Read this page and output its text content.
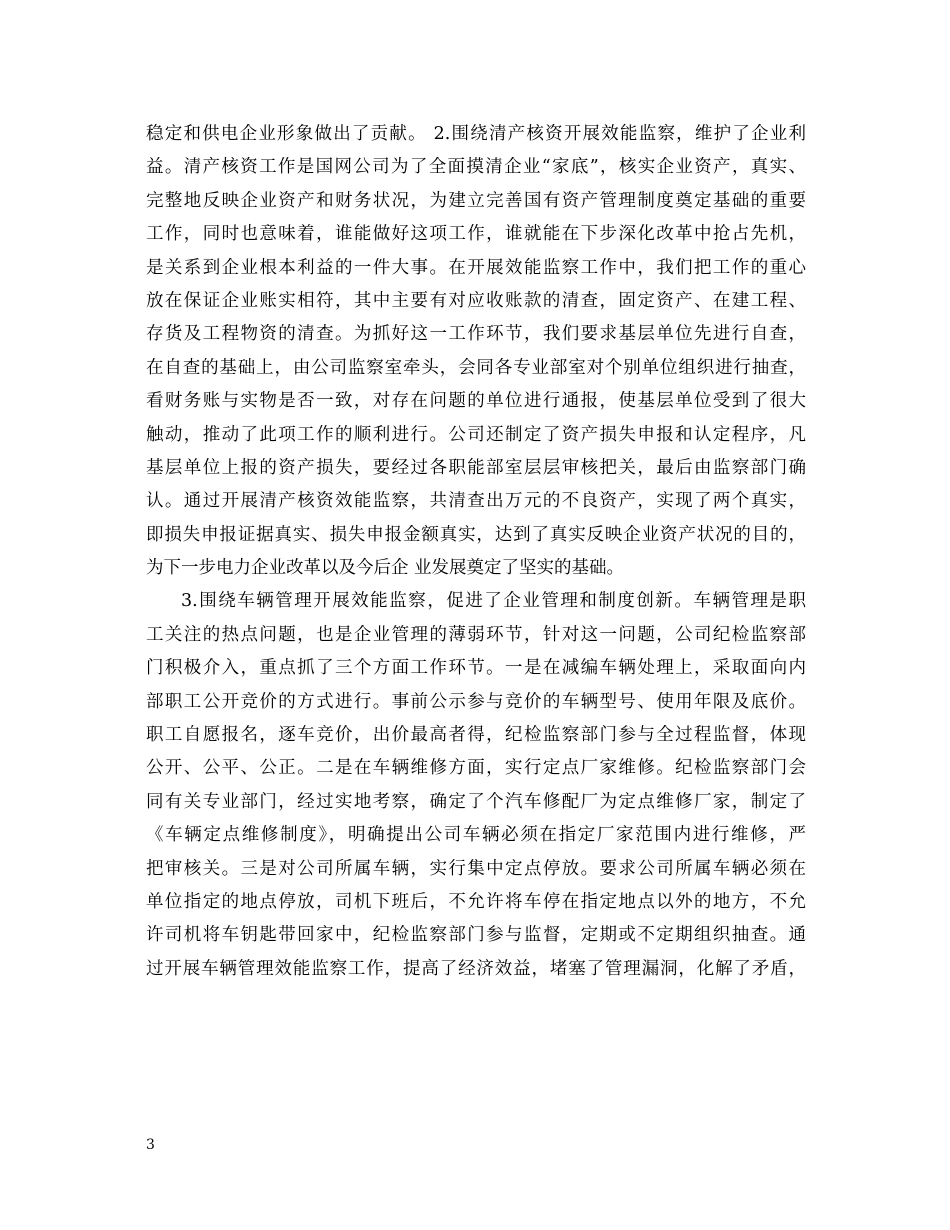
稳定和供电企业形象做出了贡献。 2.围绕清产核资开展效能监察，维护了企业利
益。清产核资工作是国网公司为了全面摸清企业“家底”，核实企业资产，真实、
完整地反映企业资产和财务状况，为建立完善国有资产管理制度奠定基础的重要
工作，同时也意味着，谁能做好这项工作，谁就能在下步深化改革中抢占先机，
是关系到企业根本利益的一件大事。在开展效能监察工作中，我们把工作的重心
放在保证企业账实相符，其中主要有对应收账款的清查，固定资产、在建工程、
存货及工程物资的清查。为抓好这一工作环节，我们要求基层单位先进行自查，
在自查的基础上，由公司监察室牵头，会同各专业部室对个别单位组织进行抽查，
看财务账与实物是否一致，对存在问题的单位进行通报，使基层单位受到了很大
触动，推动了此项工作的顺利进行。公司还制定了资产损失申报和认定程序，凡
基层单位上报的资产损失，要经过各职能部室层层审核把关，最后由监察部门确
认。通过开展清产核资效能监察，共清查出万元的不良资产，实现了两个真实，
即损失申报证据真实、损失申报金额真实，达到了真实反映企业资产状况的目的，
为下一步电力企业改革以及今后企 业发展奠定了坚实的基础。
3.围绕车辆管理开展效能监察，促进了企业管理和制度创新。车辆管理是职
工关注的热点问题，也是企业管理的薄弱环节，针对这一问题，公司纪检监察部
门积极介入，重点抓了三个方面工作环节。一是在减编车辆处理上，采取面向内
部职工公开竞价的方式进行。事前公示参与竞价的车辆型号、使用年限及底价。
职工自愿报名，逐车竞价，出价最高者得，纪检监察部门参与全过程监督，体现
公开、公平、公正。二是在车辆维修方面，实行定点厂家维修。纪检监察部门会
同有关专业部门，经过实地考察，确定了个汽车修配厂为定点维修厂家，制定了
《车辆定点维修制度》，明确提出公司车辆必须在指定厂家范围内进行维修，严
把审核关。三是对公司所属车辆，实行集中定点停放。要求公司所属车辆必须在
单位指定的地点停放，司机下班后，不允许将车停在指定地点以外的地方，不允
许司机将车钥匙带回家中，纪检监察部门参与监督，定期或不定期组织抽查。通
过开展车辆管理效能监察工作，提高了经济效益，堵塞了管理漏洞，化解了矛盾，
3
